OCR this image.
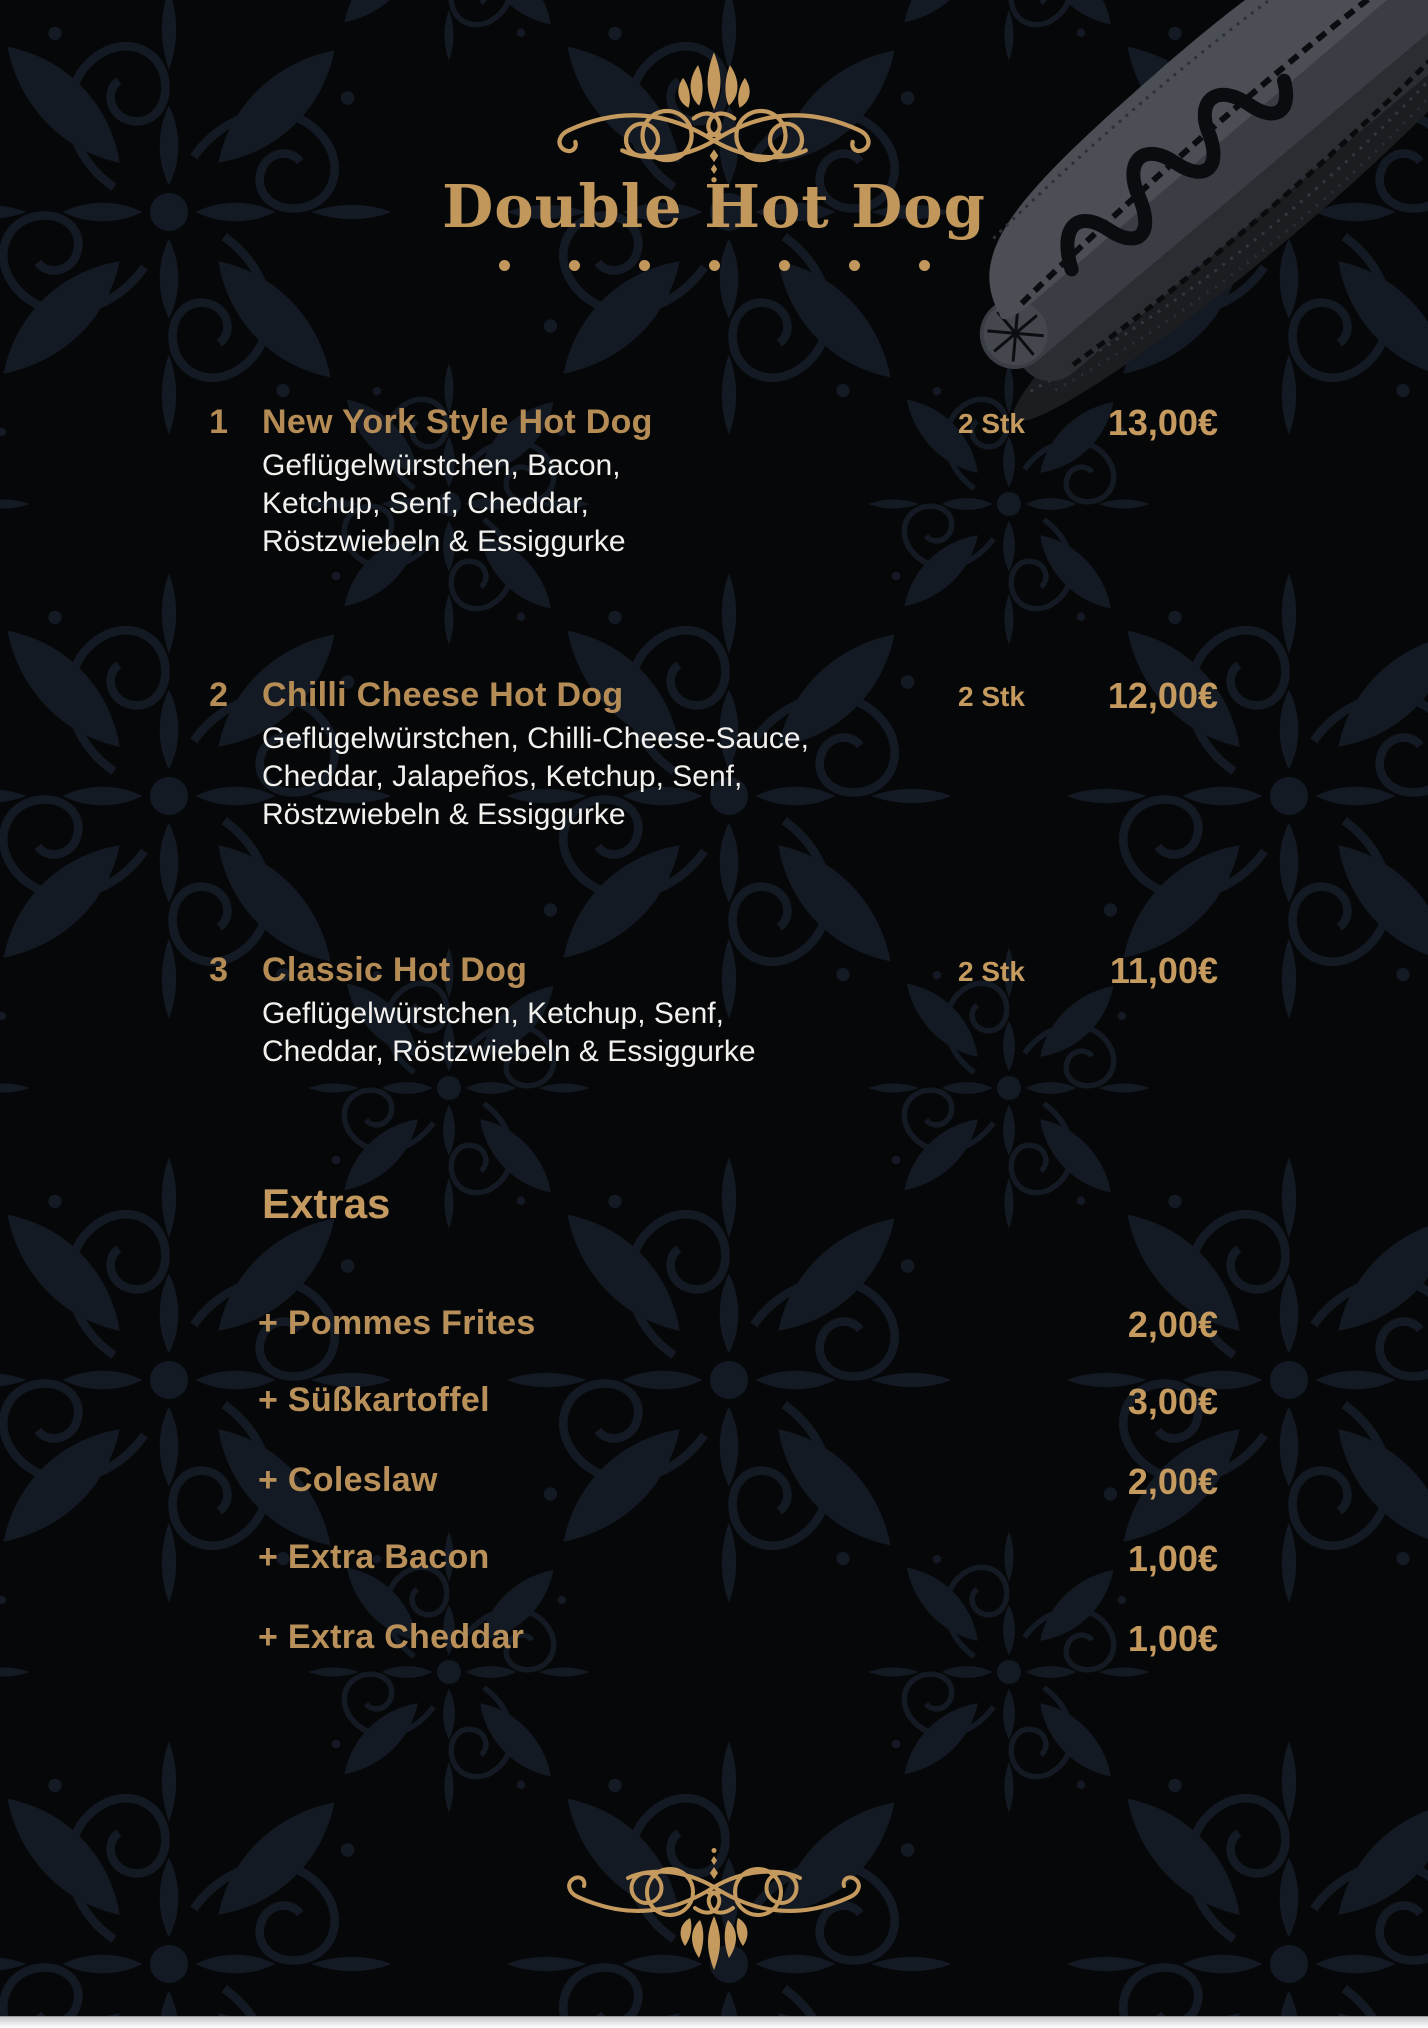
Double Hot Dog
1 New York Style Hot Dog	2 Stk 13,00€

Geflügelwürstchen, Bacon,
Ketchup, Senf, Cheddar,
Röstzwiebeln & Essiggurke

2 Chilli Cheese Hot Dog	2 Stk 12,00€

Geflügelwürstchen, Chilli-Cheese-Sauce,
Cheddar, Jalapeños, Ketchup, Senf,
Röstzwiebeln & Essiggurke

3 Classic Hot Dog	2 Stk 11,00€

Geflügelwürstchen, Ketchup, Senf,
Cheddar, Röstzwiebeln & Essiggurke

Extras
+ Pommes Frites	2,00€
+ Süßkartoffel	3,00€
+ Coleslaw	2,00€
+ Extra Bacon	1,00€
+ Extra Cheddar	1,00€
